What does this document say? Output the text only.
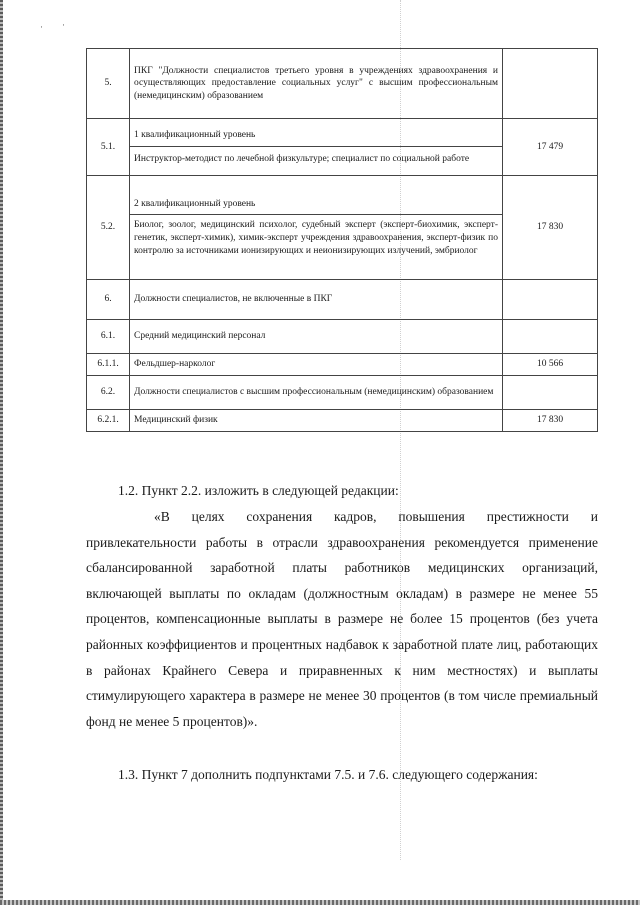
· ·
5.	ПКГ "Должности специалистов третьего уровня в учреждениях здравоохранения и осуществляющих предоставление социальных услуг" с высшим профессиональным (немедицинским) образованием	
5.1.	1 квалификационный уровень
Инструктор-методист по лечебной физкультуре; специалист по социальной работе	17 479
5.2.	2 квалификационный уровень
Биолог, зоолог, медицинский психолог, судебный эксперт (эксперт-биохимик, эксперт-генетик, эксперт-химик), химик-эксперт учреждения здравоохранения, эксперт-физик по контролю за источниками ионизирующих и неионизирующих излучений, эмбриолог	17 830
6.	Должности специалистов, не включенные в ПКГ	
6.1.	Средний медицинский персонал	
6.1.1.	Фельдшер-нарколог	10 566
6.2.	Должности специалистов с высшим профессиональным (немедицинским) образованием	
6.2.1.	Медицинский физик	17 830

1.2. Пункт 2.2. изложить в следующей редакции:

«В целях сохранения кадров, повышения престижности и привлекательности работы в отрасли здравоохранения рекомендуется применение сбалансированной заработной платы работников медицинских организаций, включающей выплаты по окладам (должностным окладам) в размере не менее 55 процентов, компенсационные выплаты в размере не более 15 процентов (без учета районных коэффициентов и процентных надбавок к заработной плате лиц, работающих в районах Крайнего Севера и приравненных к ним местностях) и выплаты стимулирующего характера в размере не менее 30 процентов (в том числе премиальный фонд не менее 5 процентов)».

1.3. Пункт 7 дополнить подпунктами 7.5. и 7.6. следующего содержания:
